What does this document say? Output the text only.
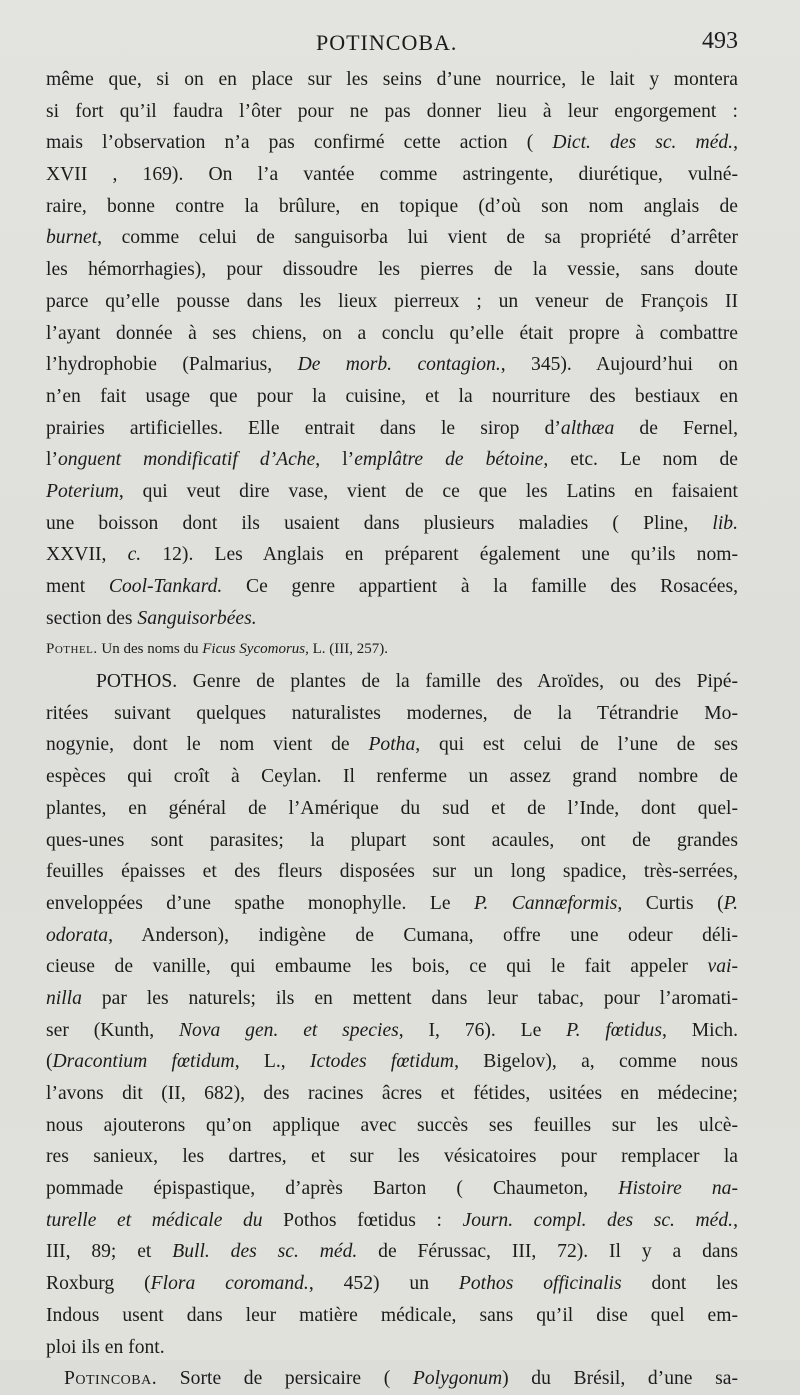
POTINCOBA.	493
même que, si on en place sur les seins d’une nourrice, le lait y montera
si fort qu’il faudra l’ôter pour ne pas donner lieu à leur engorgement :
mais l’observation n’a pas confirmé cette action ( Dict. des sc. méd.,
XVII , 169). On l’a vantée comme astringente, diurétique, vulné-
raire, bonne contre la brûlure, en topique (d’où son nom anglais de
burnet, comme celui de sanguisorba lui vient de sa propriété d’arrêter
les hémorrhagies), pour dissoudre les pierres de la vessie, sans doute
parce qu’elle pousse dans les lieux pierreux ; un veneur de François II
l’ayant donnée à ses chiens, on a conclu qu’elle était propre à combattre
l’hydrophobie (Palmarius, De morb. contagion., 345). Aujourd’hui on
n’en fait usage que pour la cuisine, et la nourriture des bestiaux en
prairies artificielles. Elle entrait dans le sirop d’althæa de Fernel,
l’onguent mondificatif d’Ache, l’emplâtre de bétoine, etc. Le nom de
Poterium, qui veut dire vase, vient de ce que les Latins en faisaient
une boisson dont ils usaient dans plusieurs maladies ( Pline, lib.
XXVII, c. 12). Les Anglais en préparent également une qu’ils nom-
ment Cool-Tankard. Ce genre appartient à la famille des Rosacées,
section des Sanguisorbées.
Pothel. Un des noms du Ficus Sycomorus, L. (III, 257).
POTHOS. Genre de plantes de la famille des Aroïdes, ou des Pipé-
ritées suivant quelques naturalistes modernes, de la Tétrandrie Mo-
nogynie, dont le nom vient de Potha, qui est celui de l’une de ses
espèces qui croît à Ceylan. Il renferme un assez grand nombre de
plantes, en général de l’Amérique du sud et de l’Inde, dont quel-
ques-unes sont parasites; la plupart sont acaules, ont de grandes
feuilles épaisses et des fleurs disposées sur un long spadice, très-serrées,
enveloppées d’une spathe monophylle. Le P. Cannæformis, Curtis (P.
odorata, Anderson), indigène de Cumana, offre une odeur déli-
cieuse de vanille, qui embaume les bois, ce qui le fait appeler vai-
nilla par les naturels; ils en mettent dans leur tabac, pour l’aromati-
ser (Kunth, Nova gen. et species, I, 76). Le P. fœtidus, Mich.
(Dracontium fœtidum, L., Ictodes fœtidum, Bigelov), a, comme nous
l’avons dit (II, 682), des racines âcres et fétides, usitées en médecine;
nous ajouterons qu’on applique avec succès ses feuilles sur les ulcè-
res sanieux, les dartres, et sur les vésicatoires pour remplacer la
pommade épispastique, d’après Barton ( Chaumeton, Histoire na-
turelle et médicale du Pothos fœtidus : Journ. compl. des sc. méd.,
III, 89; et Bull. des sc. méd. de Férussac, III, 72). Il y a dans
Roxburg (Flora coromand., 452) un Pothos officinalis dont les
Indous usent dans leur matière médicale, sans qu’il dise quel em-
ploi ils en font.
Potincoba. Sorte de persicaire ( Polygonum) du Brésil, d’une sa-
